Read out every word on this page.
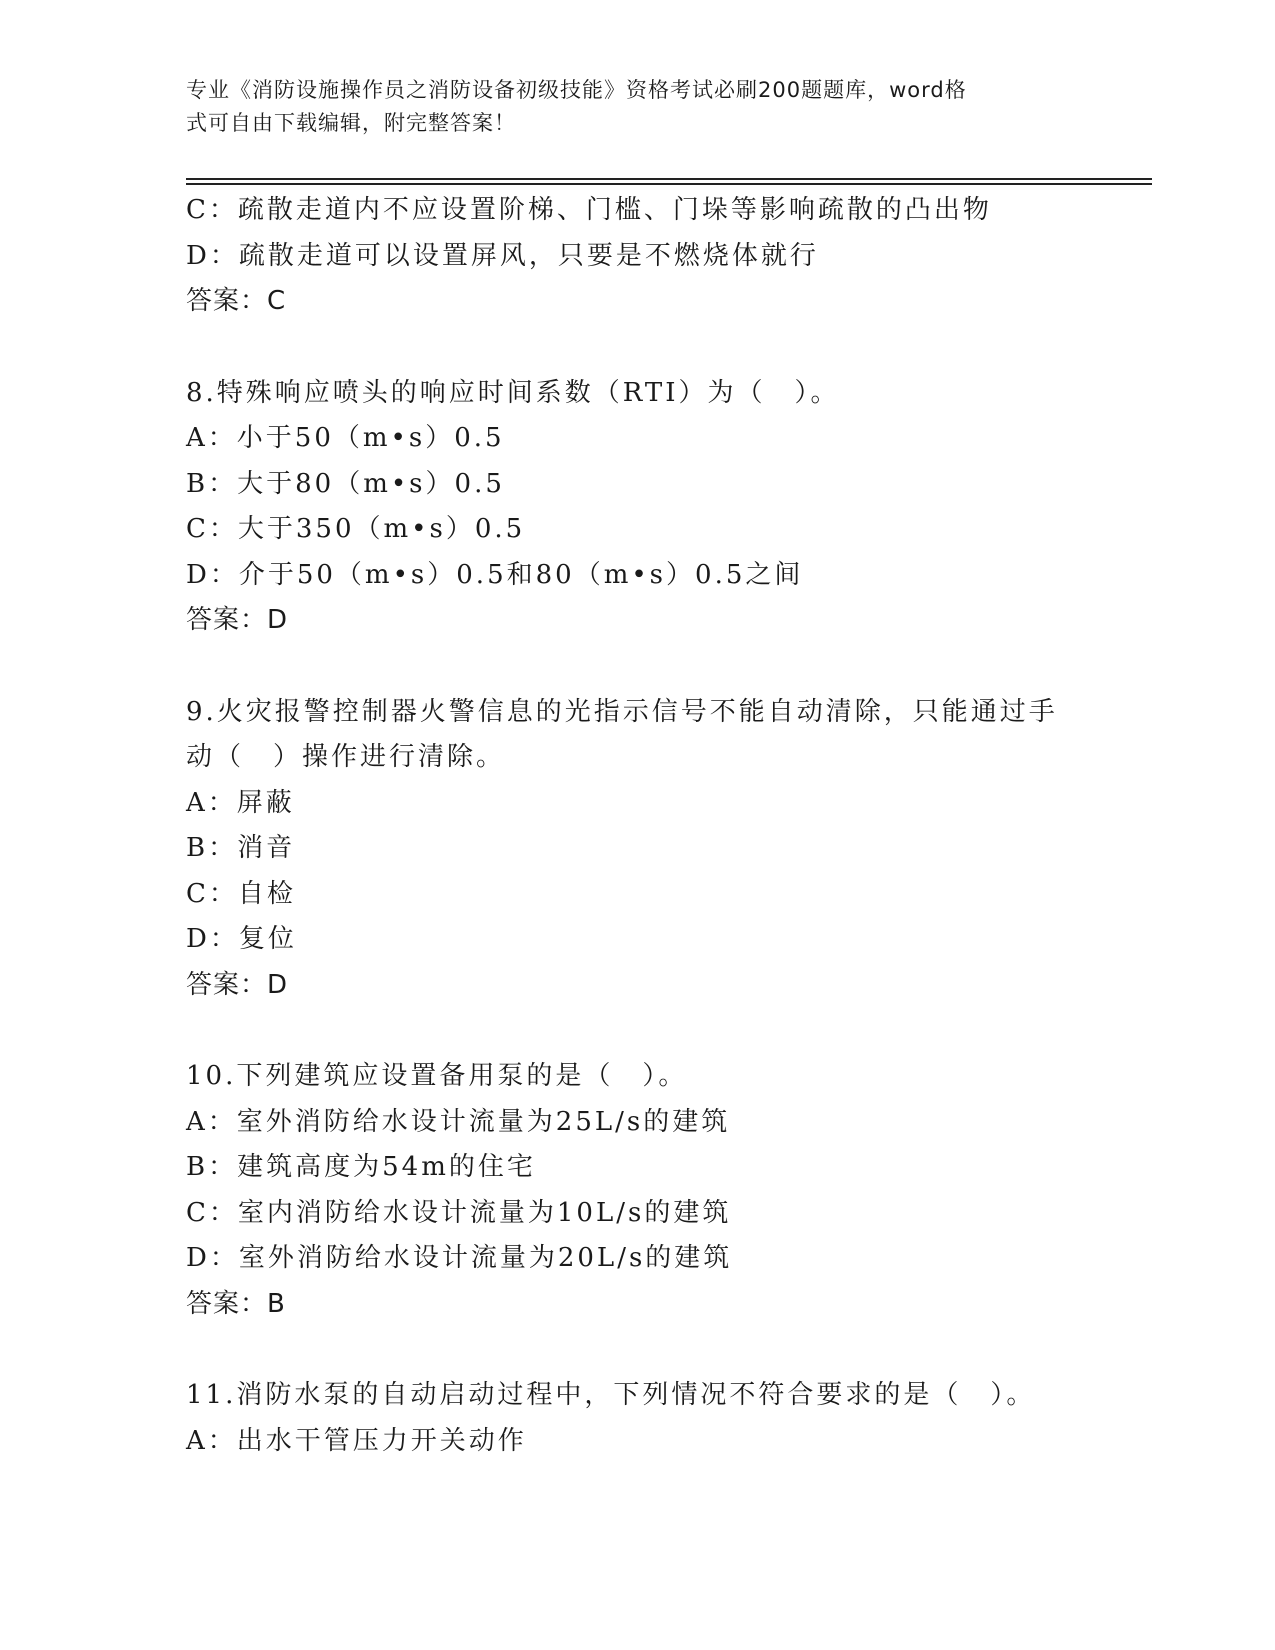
专业《消防设施操作员之消防设备初级技能》资格考试必刷200题题库，word格
式可自由下载编辑，附完整答案！
C：疏散走道内不应设置阶梯、门槛、门垛等影响疏散的凸出物
D：疏散走道可以设置屏风，只要是不燃烧体就行
答案：C
8.特殊响应喷头的响应时间系数（RTI）为（　）。
A：小于50（m•s）0.5
B：大于80（m•s）0.5
C：大于350（m•s）0.5
D：介于50（m•s）0.5和80（m•s）0.5之间
答案：D
9.火灾报警控制器火警信息的光指示信号不能自动清除，只能通过手
动（　）操作进行清除。
A：屏蔽
B：消音
C：自检
D：复位
答案：D
10.下列建筑应设置备用泵的是（　）。
A：室外消防给水设计流量为25L/s的建筑
B：建筑高度为54m的住宅
C：室内消防给水设计流量为10L/s的建筑
D：室外消防给水设计流量为20L/s的建筑
答案：B
11.消防水泵的自动启动过程中，下列情况不符合要求的是（　）。
A：出水干管压力开关动作
